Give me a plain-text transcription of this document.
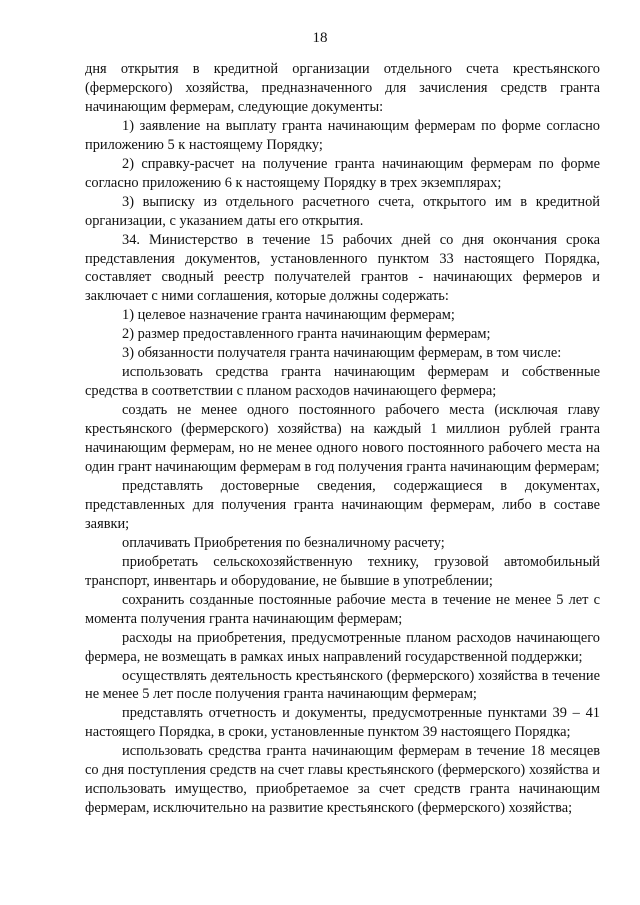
18

дня открытия в кредитной организации отдельного счета крестьянского (фермерского) хозяйства, предназначенного для зачисления средств гранта начинающим фермерам, следующие документы:

1) заявление на выплату гранта начинающим фермерам по форме согласно приложению 5 к настоящему Порядку;

2) справку-расчет на получение гранта начинающим фермерам по форме согласно приложению 6 к настоящему Порядку в трех экземплярах;

3) выписку из отдельного расчетного счета, открытого им в кредитной организации, с указанием даты его открытия.

34. Министерство в течение 15 рабочих дней со дня окончания срока представления документов, установленного пунктом 33 настоящего Порядка, составляет сводный реестр получателей грантов - начинающих фермеров и заключает с ними соглашения, которые должны содержать:

1) целевое назначение гранта начинающим фермерам;

2) размер предоставленного гранта начинающим фермерам;

3) обязанности получателя гранта начинающим фермерам, в том числе:

использовать средства гранта начинающим фермерам и собственные средства в соответствии с планом расходов начинающего фермера;

создать не менее одного постоянного рабочего места (исключая главу крестьянского (фермерского) хозяйства) на каждый 1 миллион рублей гранта начинающим фермерам, но не менее одного нового постоянного рабочего места на один грант начинающим фермерам в год получения гранта начинающим фермерам;

представлять достоверные сведения, содержащиеся в документах, представленных для получения гранта начинающим фермерам, либо в составе заявки;

оплачивать Приобретения по безналичному расчету;

приобретать сельскохозяйственную технику, грузовой автомобильный транспорт, инвентарь и оборудование, не бывшие в употреблении;

сохранить созданные постоянные рабочие места в течение не менее 5 лет с момента получения гранта начинающим фермерам;

расходы на приобретения, предусмотренные планом расходов начинающего фермера, не возмещать в рамках иных направлений государственной поддержки;

осуществлять деятельность крестьянского (фермерского) хозяйства в течение не менее 5 лет после получения гранта начинающим фермерам;

представлять отчетность и документы, предусмотренные пунктами 39 – 41 настоящего Порядка, в сроки, установленные пунктом 39 настоящего Порядка;

использовать средства гранта начинающим фермерам в течение 18 месяцев со дня поступления средств на счет главы крестьянского (фермерского) хозяйства и использовать имущество, приобретаемое за счет средств гранта начинающим фермерам, исключительно на развитие крестьянского (фермерского) хозяйства;
